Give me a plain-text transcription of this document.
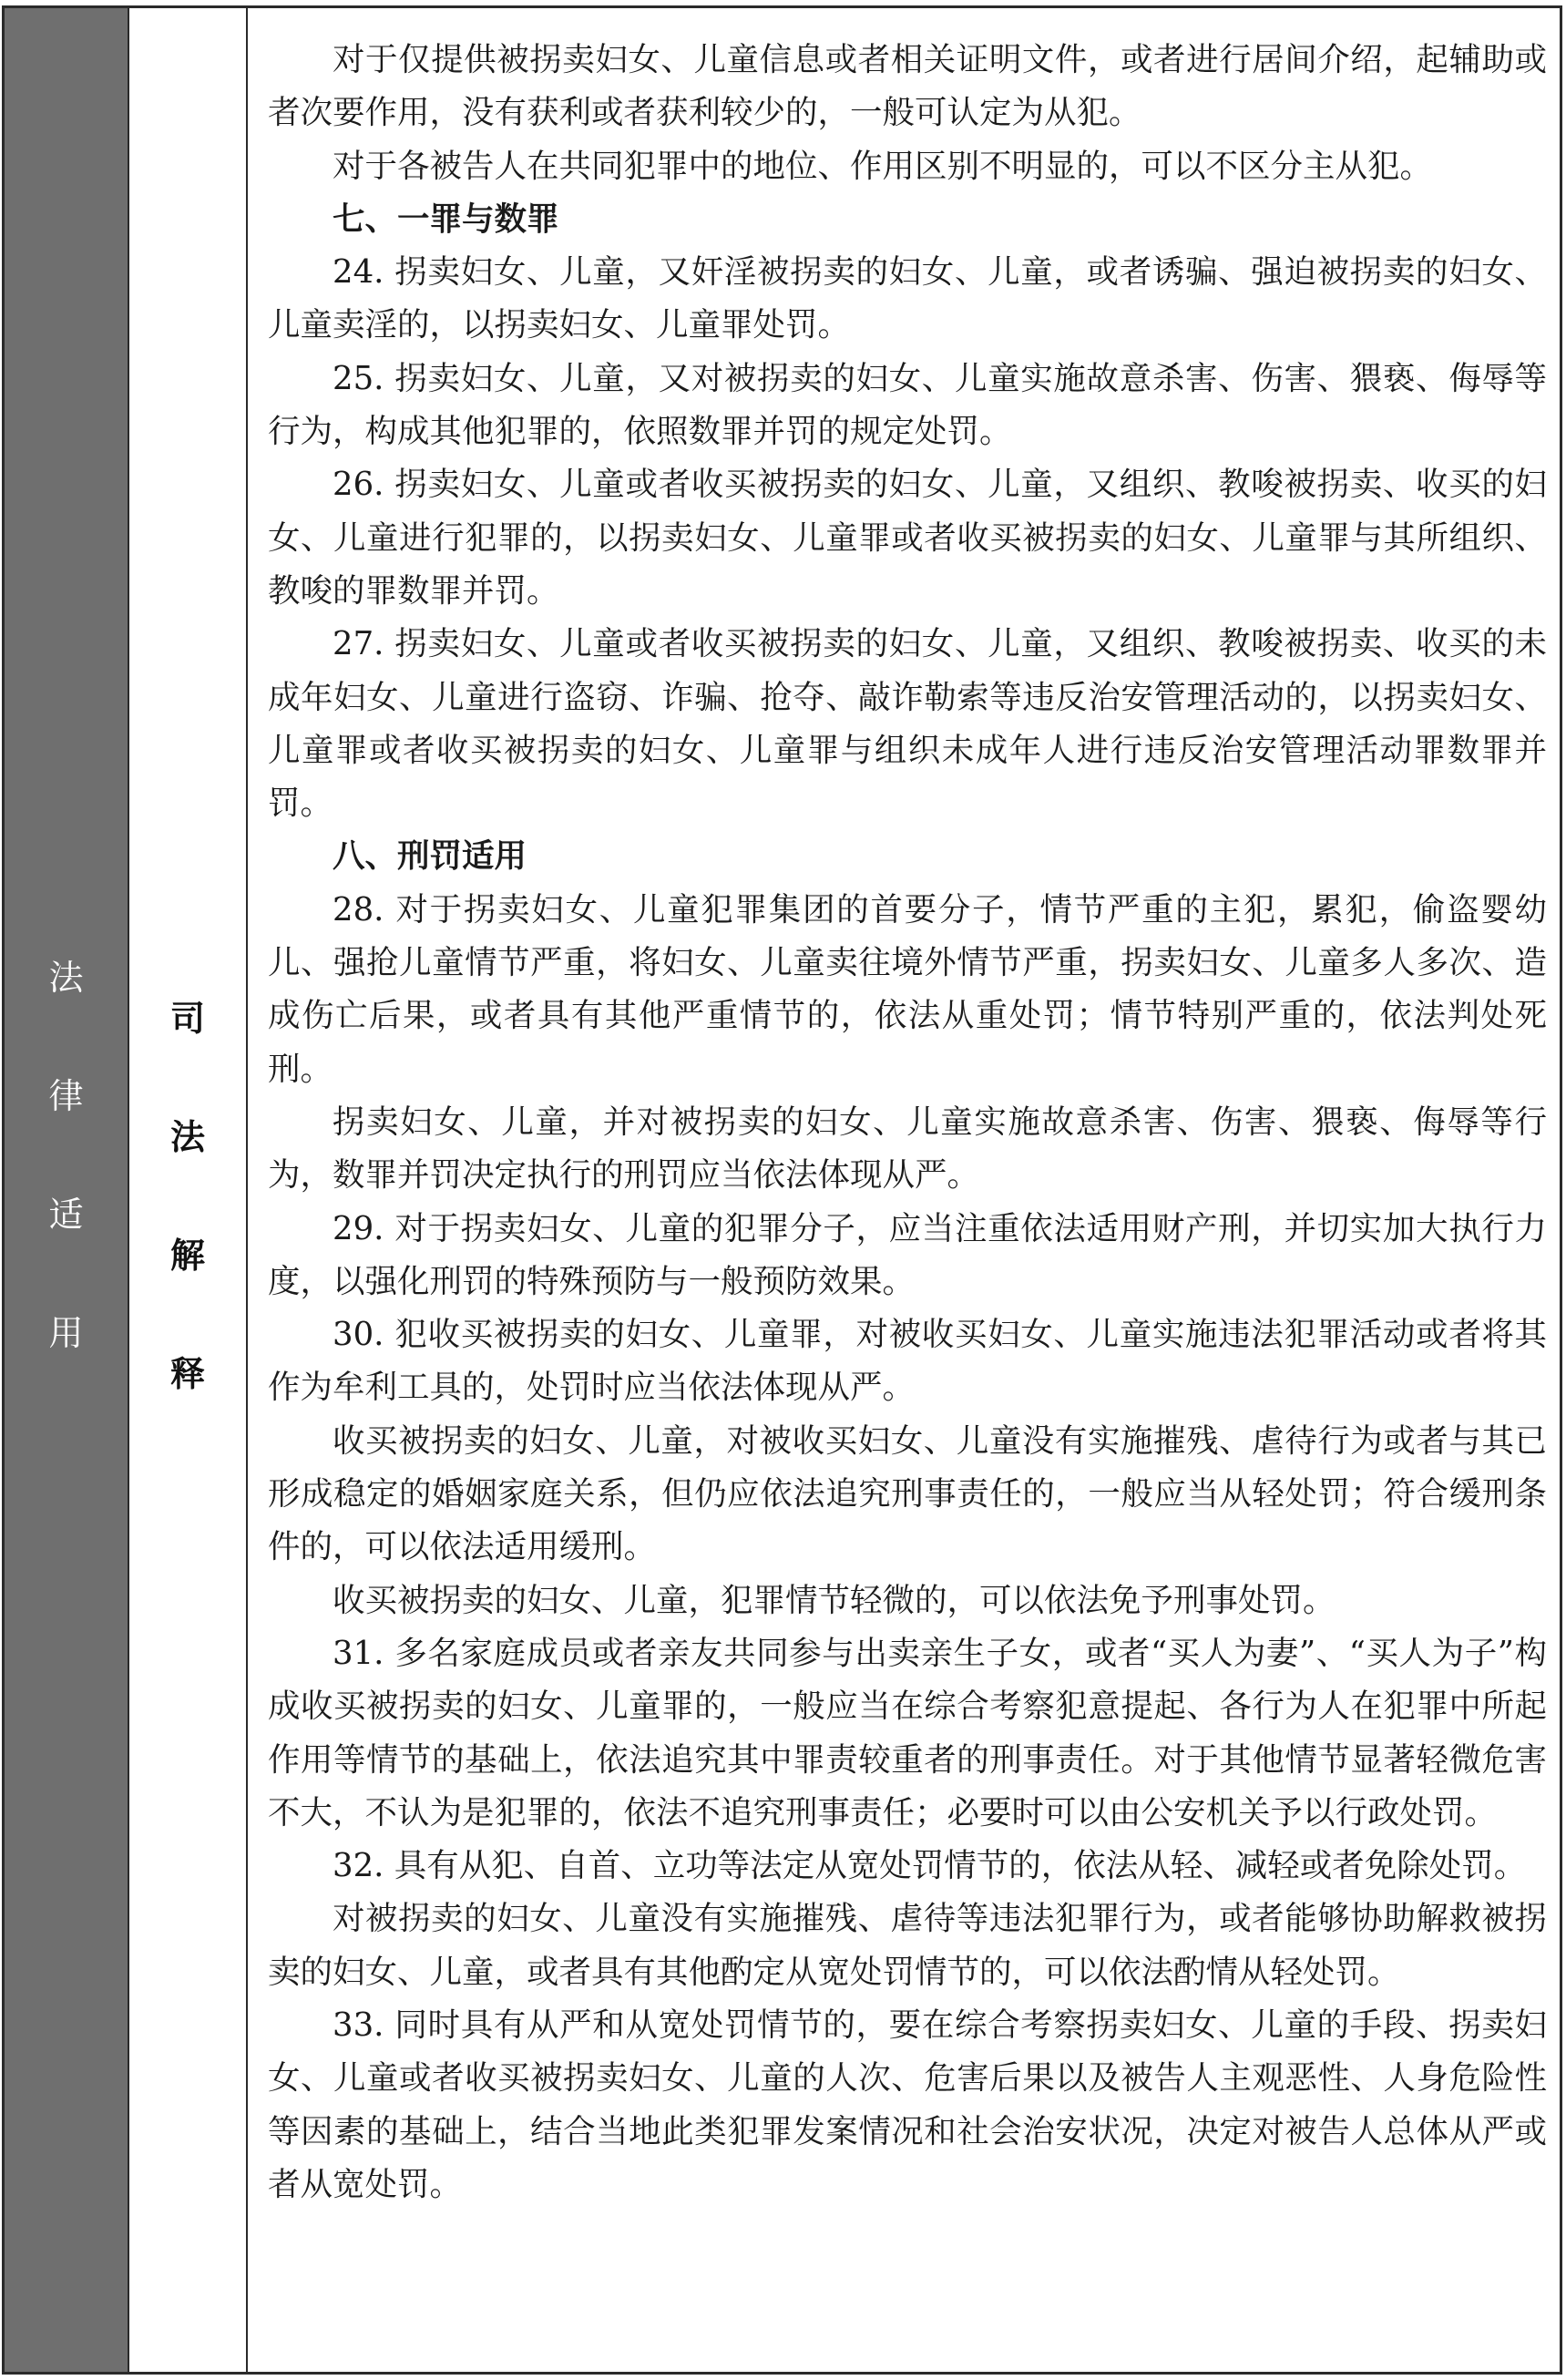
法
律
适
用
司
法
解
释

对于仅提供被拐卖妇女、儿童信息或者相关证明文件，或者进行居间介绍，起辅助或者次要作用，没有获利或者获利较少的，一般可认定为从犯。

对于各被告人在共同犯罪中的地位、作用区别不明显的，可以不区分主从犯。

七、一罪与数罪

24. 拐卖妇女、儿童，又奸淫被拐卖的妇女、儿童，或者诱骗、强迫被拐卖的妇女、儿童卖淫的，以拐卖妇女、儿童罪处罚。

25. 拐卖妇女、儿童，又对被拐卖的妇女、儿童实施故意杀害、伤害、猥亵、侮辱等行为，构成其他犯罪的，依照数罪并罚的规定处罚。

26. 拐卖妇女、儿童或者收买被拐卖的妇女、儿童，又组织、教唆被拐卖、收买的妇女、儿童进行犯罪的，以拐卖妇女、儿童罪或者收买被拐卖的妇女、儿童罪与其所组织、教唆的罪数罪并罚。

27. 拐卖妇女、儿童或者收买被拐卖的妇女、儿童，又组织、教唆被拐卖、收买的未成年妇女、儿童进行盗窃、诈骗、抢夺、敲诈勒索等违反治安管理活动的，以拐卖妇女、儿童罪或者收买被拐卖的妇女、儿童罪与组织未成年人进行违反治安管理活动罪数罪并罚。

八、刑罚适用

28. 对于拐卖妇女、儿童犯罪集团的首要分子，情节严重的主犯，累犯，偷盗婴幼儿、强抢儿童情节严重，将妇女、儿童卖往境外情节严重，拐卖妇女、儿童多人多次、造成伤亡后果，或者具有其他严重情节的，依法从重处罚；情节特别严重的，依法判处死刑。

拐卖妇女、儿童，并对被拐卖的妇女、儿童实施故意杀害、伤害、猥亵、侮辱等行为，数罪并罚决定执行的刑罚应当依法体现从严。

29. 对于拐卖妇女、儿童的犯罪分子，应当注重依法适用财产刑，并切实加大执行力度，以强化刑罚的特殊预防与一般预防效果。

30. 犯收买被拐卖的妇女、儿童罪，对被收买妇女、儿童实施违法犯罪活动或者将其作为牟利工具的，处罚时应当依法体现从严。

收买被拐卖的妇女、儿童，对被收买妇女、儿童没有实施摧残、虐待行为或者与其已形成稳定的婚姻家庭关系，但仍应依法追究刑事责任的，一般应当从轻处罚；符合缓刑条件的，可以依法适用缓刑。

收买被拐卖的妇女、儿童，犯罪情节轻微的，可以依法免予刑事处罚。

31. 多名家庭成员或者亲友共同参与出卖亲生子女，或者“买人为妻”、“买人为子”构成收买被拐卖的妇女、儿童罪的，一般应当在综合考察犯意提起、各行为人在犯罪中所起作用等情节的基础上，依法追究其中罪责较重者的刑事责任。对于其他情节显著轻微危害不大，不认为是犯罪的，依法不追究刑事责任；必要时可以由公安机关予以行政处罚。

32. 具有从犯、自首、立功等法定从宽处罚情节的，依法从轻、减轻或者免除处罚。

对被拐卖的妇女、儿童没有实施摧残、虐待等违法犯罪行为，或者能够协助解救被拐卖的妇女、儿童，或者具有其他酌定从宽处罚情节的，可以依法酌情从轻处罚。

33. 同时具有从严和从宽处罚情节的，要在综合考察拐卖妇女、儿童的手段、拐卖妇女、儿童或者收买被拐卖妇女、儿童的人次、危害后果以及被告人主观恶性、人身危险性等因素的基础上，结合当地此类犯罪发案情况和社会治安状况，决定对被告人总体从严或者从宽处罚。
